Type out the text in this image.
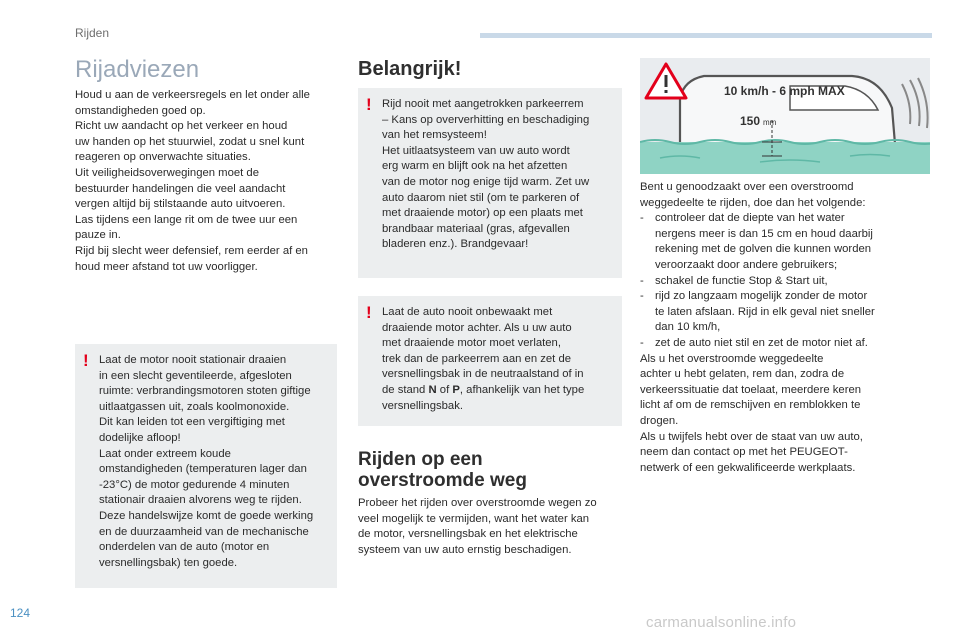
Rijden
Rijadviezen
Houd u aan de verkeersregels en let onder alle
omstandigheden goed op.
Richt uw aandacht op het verkeer en houd
uw handen op het stuurwiel, zodat u snel kunt
reageren op onverwachte situaties.
Uit veiligheidsoverwegingen moet de
bestuurder handelingen die veel aandacht
vergen altijd bij stilstaande auto uitvoeren.
Las tijdens een lange rit om de twee uur een
pauze in.
Rijd bij slecht weer defensief, rem eerder af en
houd meer afstand tot uw voorligger.
! Laat de motor nooit stationair draaien
in een slecht geventileerde, afgesloten
ruimte: verbrandingsmotoren stoten giftige
uitlaatgassen uit, zoals koolmonoxide.
Dit kan leiden tot een vergiftiging met
dodelijke afloop!
Laat onder extreem koude
omstandigheden (temperaturen lager dan
-23°C) de motor gedurende 4 minuten
stationair draaien alvorens weg te rijden.
Deze handelswijze komt de goede werking
en de duurzaamheid van de mechanische
onderdelen van de auto (motor en
versnellingsbak) ten goede.
Belangrijk!
! Rijd nooit met aangetrokken parkeerrem
– Kans op oververhitting en beschadiging
van het remsysteem!
Het uitlaatsysteem van uw auto wordt
erg warm en blijft ook na het afzetten
van de motor nog enige tijd warm. Zet uw
auto daarom niet stil (om te parkeren of
met draaiende motor) op een plaats met
brandbaar materiaal (gras, afgevallen
bladeren enz.). Brandgevaar!
! Laat de auto nooit onbewaakt met
draaiende motor achter. Als u uw auto
met draaiende motor moet verlaten,
trek dan de parkeerrem aan en zet de
versnellingsbak in de neutraalstand of in
de stand N of P, afhankelijk van het type
versnellingsbak.
Rijden op een
overstroomde weg
Probeer het rijden over overstroomde wegen zo
veel mogelijk te vermijden, want het water kan
de motor, versnellingsbak en het elektrische
systeem van uw auto ernstig beschadigen.
10 km/h - 6 mph MAX
150 mm
Bent u genoodzaakt over een overstroomd
weggedeelte te rijden, doe dan het volgende:
- controleer dat de diepte van het water
nergens meer is dan 15 cm en houd daarbij
rekening met de golven die kunnen worden
veroorzaakt door andere gebruikers;
- schakel de functie Stop & Start uit,
- rijd zo langzaam mogelijk zonder de motor
te laten afslaan. Rijd in elk geval niet sneller
dan 10 km/h,
- zet de auto niet stil en zet de motor niet af.
Als u het overstroomde weggedeelte
achter u hebt gelaten, rem dan, zodra de
verkeerssituatie dat toelaat, meerdere keren
licht af om de remschijven en remblokken te
drogen.
Als u twijfels hebt over de staat van uw auto,
neem dan contact op met het PEUGEOT-
netwerk of een gekwalificeerde werkplaats.
124
carmanualsonline.info
